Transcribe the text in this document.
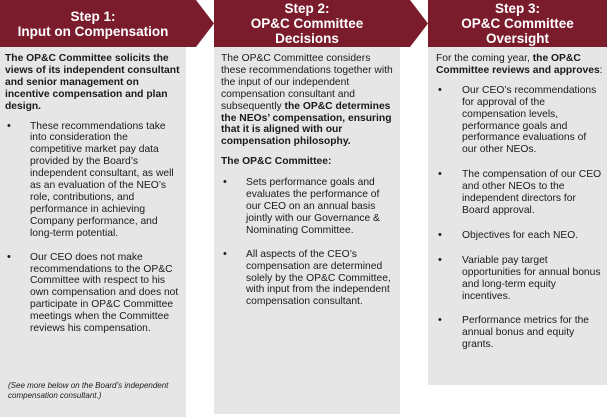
Step 1:
Input on Compensation

The OP&C Committee solicits the views of its independent consultant and senior management on incentive compensation and plan design.

• These recommendations take into consideration the competitive market pay data provided by the Board’s independent consultant, as well as an evaluation of the NEO’s role, contributions, and performance in achieving Company performance, and long-term potential.
• Our CEO does not make recommendations to the OP&C Committee with respect to his own compensation and does not participate in OP&C Committee meetings when the Committee reviews his compensation.
(See more below on the Board’s independent compensation consultant.)
Step 2:
OP&C Committee
Decisions

The OP&C Committee considers these recommendations together with the input of our independent compensation consultant and subsequently the OP&C determines the NEOs’ compensation, ensuring that it is aligned with our compensation philosophy.

The OP&C Committee:

• Sets performance goals and evaluates the performance of our CEO on an annual basis jointly with our Governance & Nominating Committee.
• All aspects of the CEO’s compensation are determined solely by the OP&C Committee, with input from the independent compensation consultant.
Step 3:
OP&C Committee
Oversight

For the coming year, the OP&C Committee reviews and approves:

• Our CEO’s recommendations for approval of the compensation levels, performance goals and performance evaluations of our other NEOs.
• The compensation of our CEO and other NEOs to the independent directors for Board approval.
• Objectives for each NEO.
• Variable pay target opportunities for annual bonus and long-term equity incentives.
• Performance metrics for the annual bonus and equity grants.
